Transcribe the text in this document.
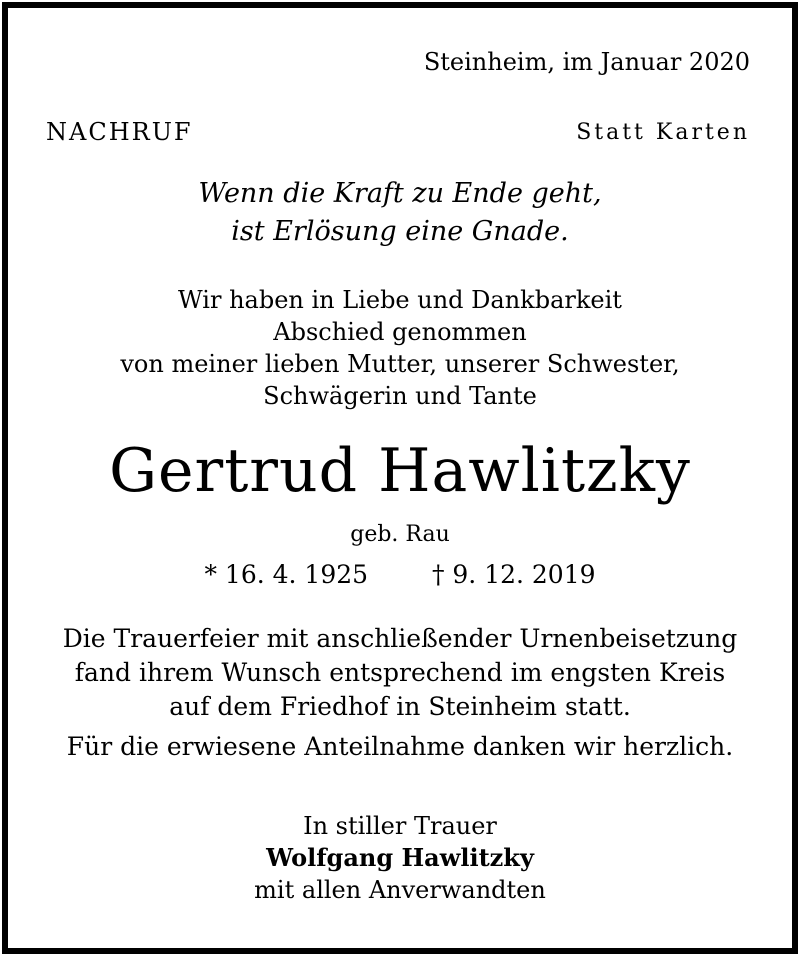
Steinheim, im Januar 2020
NACHRUF	Statt Karten
Wenn die Kraft zu Ende geht,
ist Erlösung eine Gnade.
Wir haben in Liebe und Dankbarkeit
Abschied genommen
von meiner lieben Mutter, unserer Schwester,
Schwägerin und Tante
Gertrud Hawlitzky
geb. Rau
* 16. 4. 1925	† 9. 12. 2019
Die Trauerfeier mit anschließender Urnenbeisetzung
fand ihrem Wunsch entsprechend im engsten Kreis
auf dem Friedhof in Steinheim statt.
Für die erwiesene Anteilnahme danken wir herzlich.
In stiller Trauer
Wolfgang Hawlitzky
mit allen Anverwandten
